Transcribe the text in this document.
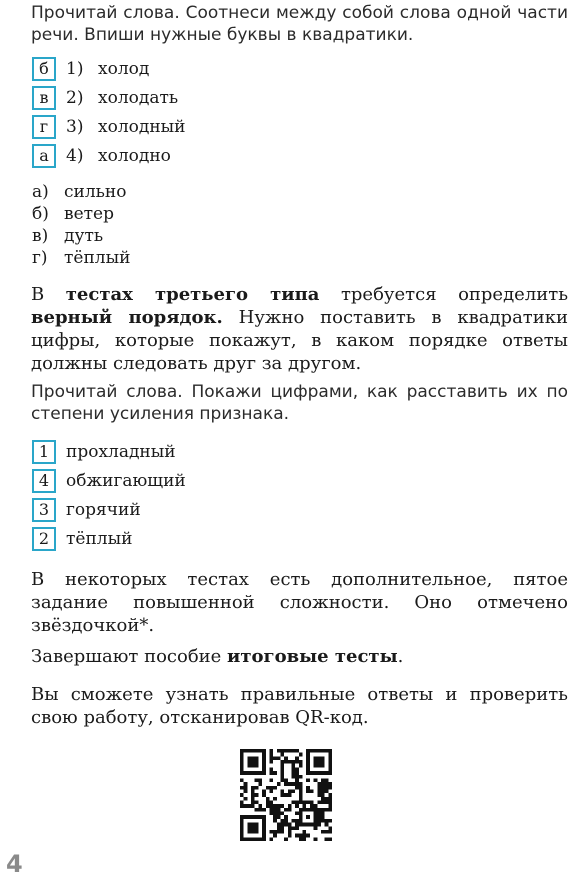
Прочитай слова. Соотнеси между собой слова одной части речи. Впиши нужные буквы в квадратики.

б	1) холод
в	2) холодать
г	3) холодный
а	4) холодно
а) сильно
б) ветер
в) дуть
г) тёплый

В тестах третьего типа требуется определить верный порядок. Нужно поставить в квадратики цифры, которые покажут, в каком порядке ответы должны следовать друг за другом.

Прочитай слова. Покажи цифрами, как расставить их по степени усиления признака.

1 прохладный
4 обжигающий
3 горячий
2 тёплый

В некоторых тестах есть дополнительное, пятое задание повышенной сложности. Оно отмечено звёздочкой*.

Завершают пособие итоговые тесты.

Вы сможете узнать правильные ответы и проверить свою работу, отсканировав QR-код.

4
